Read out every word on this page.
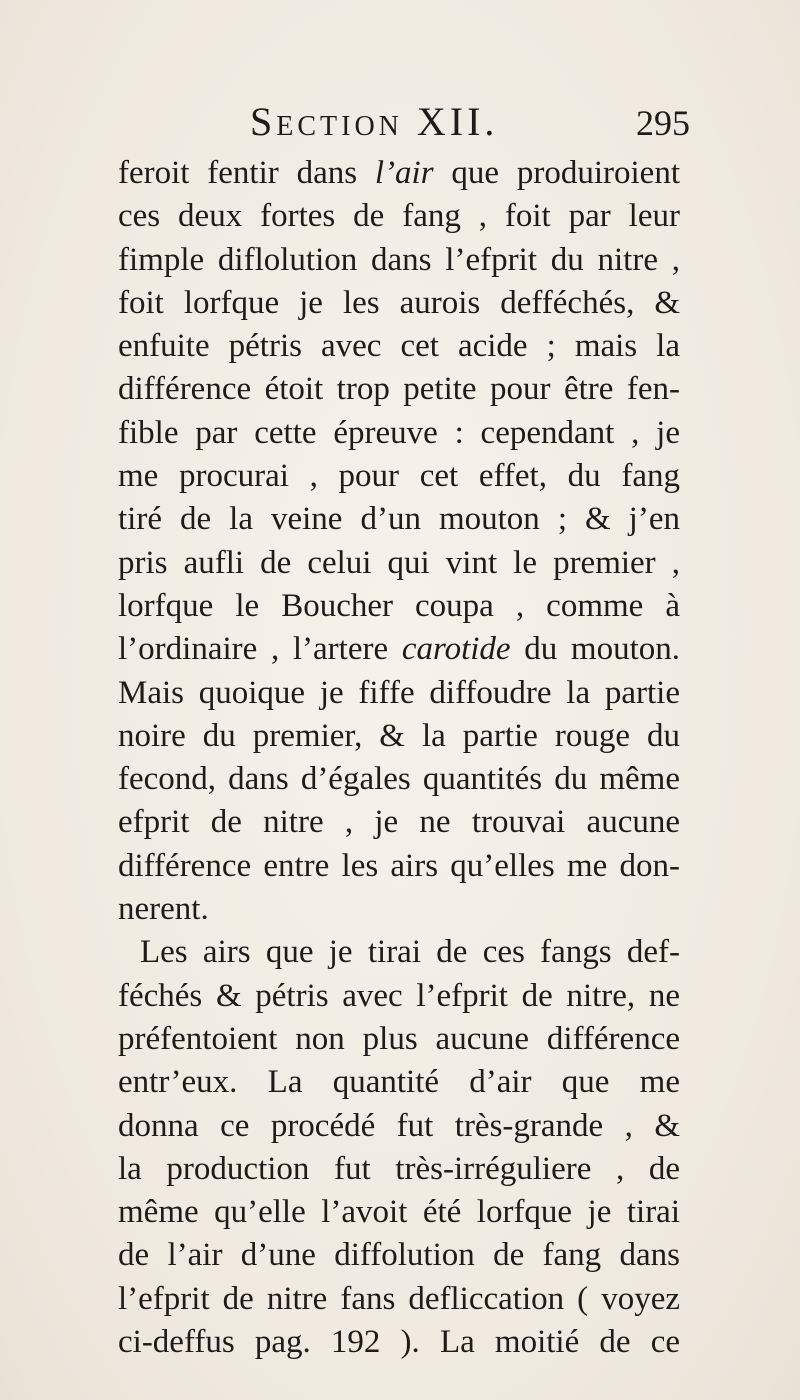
Section XII.	295
feroit fentir dans l’air que produiroient
ces deux fortes de fang , foit par leur
fimple diflolution dans l’efprit du nitre ,
foit lorfque je les aurois defféchés, &
enfuite pétris avec cet acide ; mais la
différence étoit trop petite pour être fen-
fible par cette épreuve : cependant , je
me procurai , pour cet effet, du fang
tiré de la veine d’un mouton ; & j’en
pris aufli de celui qui vint le premier ,
lorfque le Boucher coupa , comme à
l’ordinaire , l’artere carotide du mouton.
Mais quoique je fiffe diffoudre la partie
noire du premier, & la partie rouge du
fecond, dans d’égales quantités du même
efprit de nitre , je ne trouvai aucune
différence entre les airs qu’elles me don-
nerent.
Les airs que je tirai de ces fangs def-
féchés & pétris avec l’efprit de nitre, ne
préfentoient non plus aucune différence
entr’eux. La quantité d’air que me
donna ce procédé fut très-grande , &
la production fut très-irréguliere , de
même qu’elle l’avoit été lorfque je tirai
de l’air d’une diffolution de fang dans
l’efprit de nitre fans defliccation ( voyez
ci-deffus pag. 192 ). La moitié de ce
